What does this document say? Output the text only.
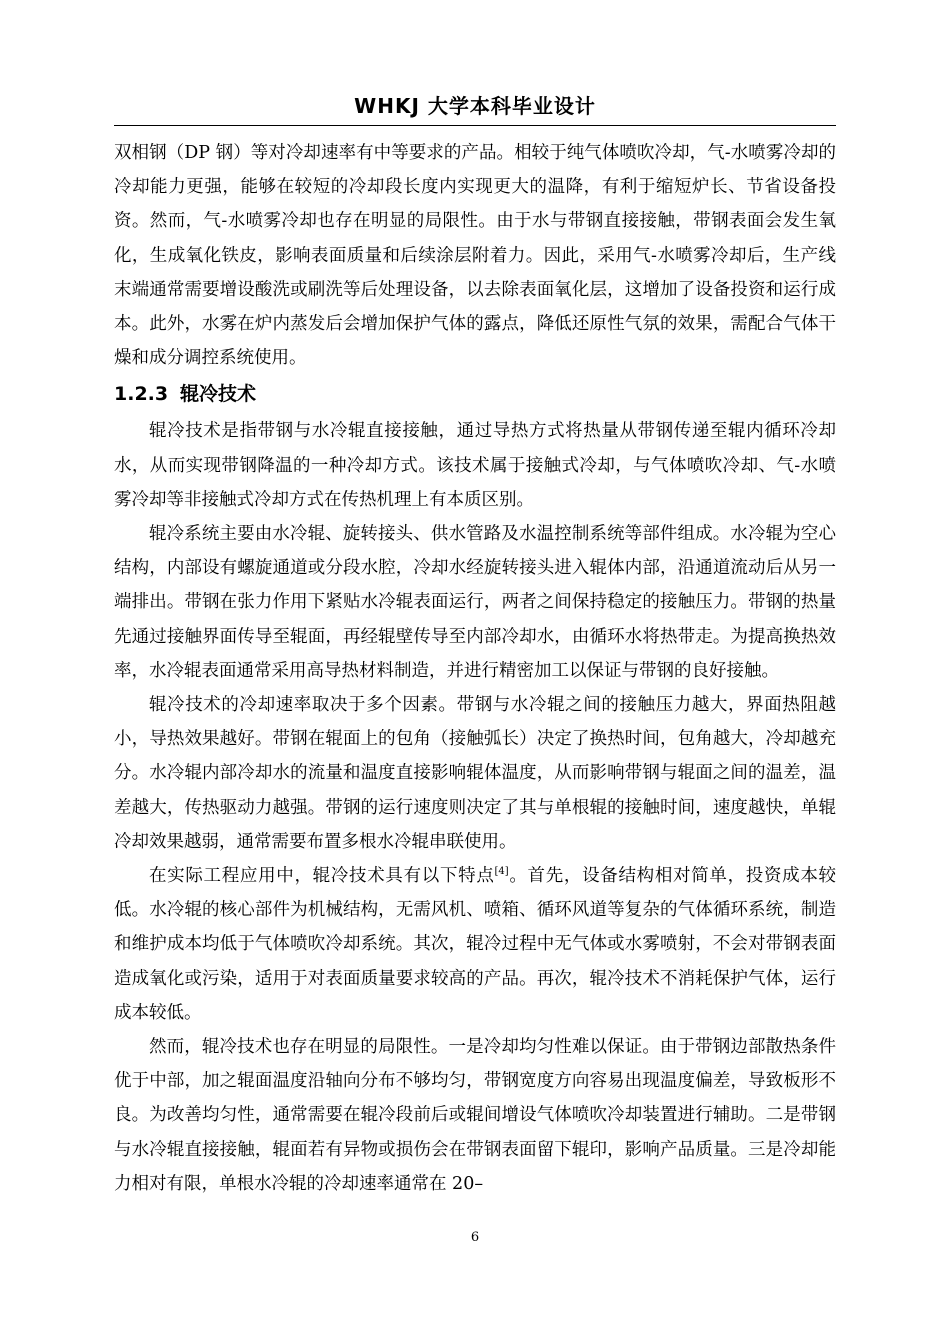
WHKJ 大学本科毕业设计

双相钢（DP 钢）等对冷却速率有中等要求的产品。相较于纯气体喷吹冷却，气-水喷雾冷却的冷却能力更强，能够在较短的冷却段长度内实现更大的温降，有利于缩短炉长、节省设备投资。然而，气-水喷雾冷却也存在明显的局限性。由于水与带钢直接接触，带钢表面会发生氧化，生成氧化铁皮，影响表面质量和后续涂层附着力。因此，采用气-水喷雾冷却后，生产线末端通常需要增设酸洗或刷洗等后处理设备，以去除表面氧化层，这增加了设备投资和运行成本。此外，水雾在炉内蒸发后会增加保护气体的露点，降低还原性气氛的效果，需配合气体干燥和成分调控系统使用。

1.2.3 辊冷技术

辊冷技术是指带钢与水冷辊直接接触，通过导热方式将热量从带钢传递至辊内循环冷却水，从而实现带钢降温的一种冷却方式。该技术属于接触式冷却，与气体喷吹冷却、气-水喷雾冷却等非接触式冷却方式在传热机理上有本质区别。

辊冷系统主要由水冷辊、旋转接头、供水管路及水温控制系统等部件组成。水冷辊为空心结构，内部设有螺旋通道或分段水腔，冷却水经旋转接头进入辊体内部，沿通道流动后从另一端排出。带钢在张力作用下紧贴水冷辊表面运行，两者之间保持稳定的接触压力。带钢的热量先通过接触界面传导至辊面，再经辊壁传导至内部冷却水，由循环水将热带走。为提高换热效率，水冷辊表面通常采用高导热材料制造，并进行精密加工以保证与带钢的良好接触。

辊冷技术的冷却速率取决于多个因素。带钢与水冷辊之间的接触压力越大，界面热阻越小，导热效果越好。带钢在辊面上的包角（接触弧长）决定了换热时间，包角越大，冷却越充分。水冷辊内部冷却水的流量和温度直接影响辊体温度，从而影响带钢与辊面之间的温差，温差越大，传热驱动力越强。带钢的运行速度则决定了其与单根辊的接触时间，速度越快，单辊冷却效果越弱，通常需要布置多根水冷辊串联使用。

在实际工程应用中，辊冷技术具有以下特点[4]。首先，设备结构相对简单，投资成本较低。水冷辊的核心部件为机械结构，无需风机、喷箱、循环风道等复杂的气体循环系统，制造和维护成本均低于气体喷吹冷却系统。其次，辊冷过程中无气体或水雾喷射，不会对带钢表面造成氧化或污染，适用于对表面质量要求较高的产品。再次，辊冷技术不消耗保护气体，运行成本较低。

然而，辊冷技术也存在明显的局限性。一是冷却均匀性难以保证。由于带钢边部散热条件优于中部，加之辊面温度沿轴向分布不够均匀，带钢宽度方向容易出现温度偏差，导致板形不良。为改善均匀性，通常需要在辊冷段前后或辊间增设气体喷吹冷却装置进行辅助。二是带钢与水冷辊直接接触，辊面若有异物或损伤会在带钢表面留下辊印，影响产品质量。三是冷却能力相对有限，单根水冷辊的冷却速率通常在 20–

6
